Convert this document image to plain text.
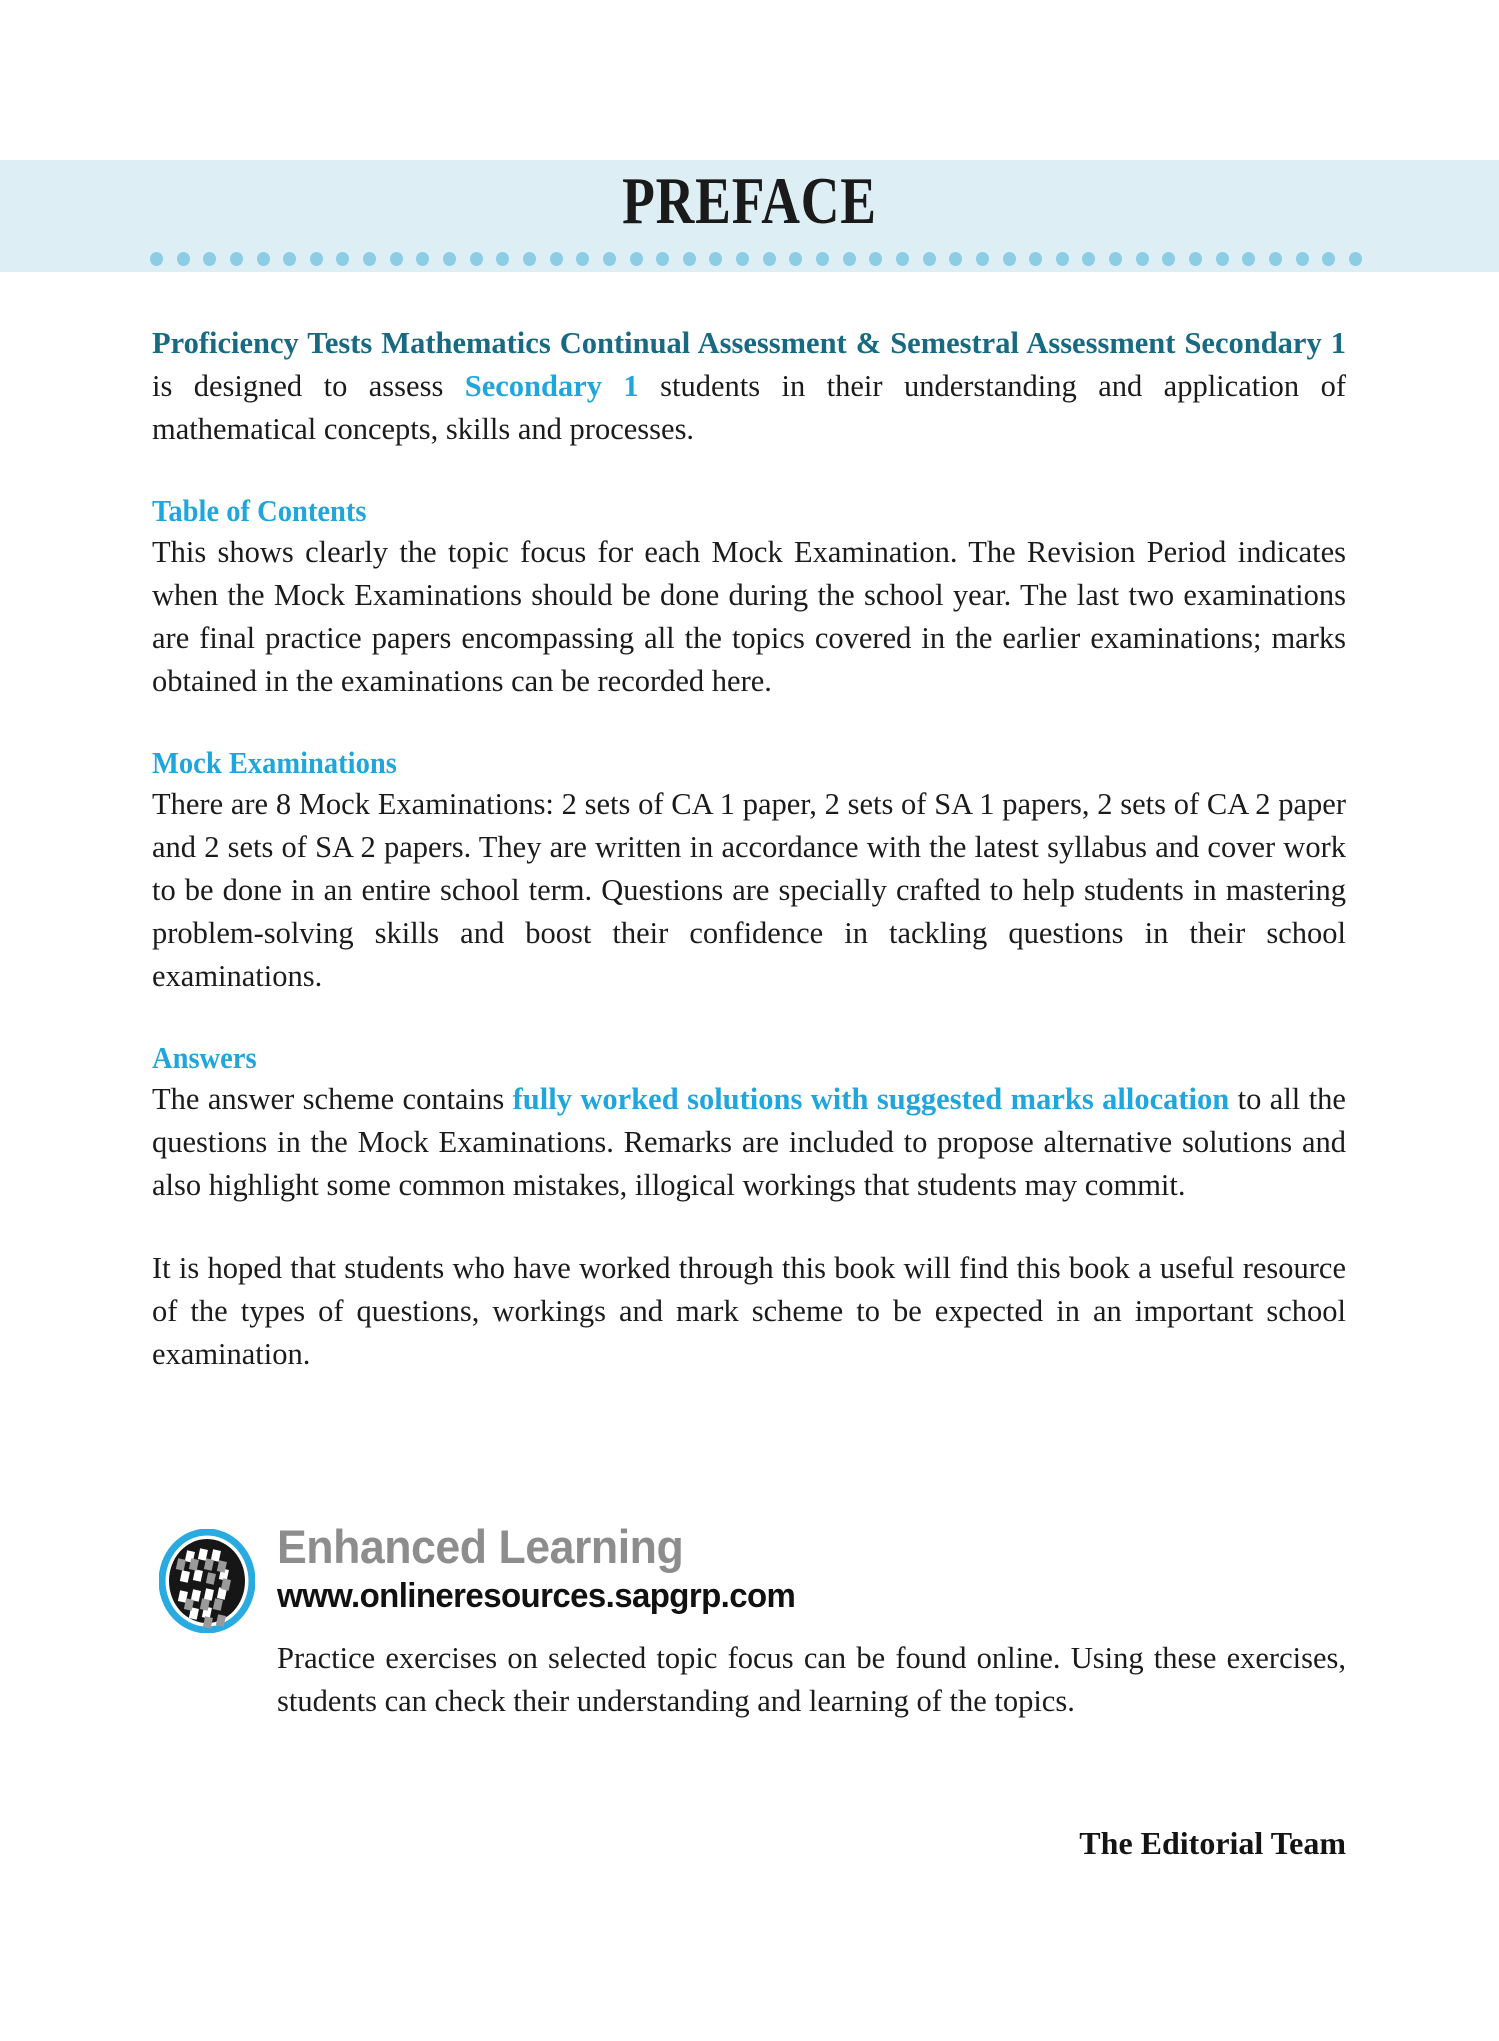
PREFACE

Proficiency Tests Mathematics Continual Assessment & Semestral Assessment Secondary 1 is designed to assess Secondary 1 students in their understanding and application of mathematical concepts, skills and processes.

Table of Contents

This shows clearly the topic focus for each Mock Examination. The Revision Period indicates when the Mock Examinations should be done during the school year. The last two examinations are final practice papers encompassing all the topics covered in the earlier examinations; marks obtained in the examinations can be recorded here.

Mock Examinations

There are 8 Mock Examinations: 2 sets of CA 1 paper, 2 sets of SA 1 papers, 2 sets of CA 2 paper and 2 sets of SA 2 papers. They are written in accordance with the latest syllabus and cover work to be done in an entire school term. Questions are specially crafted to help students in mastering problem-solving skills and boost their confidence in tackling questions in their school examinations.

Answers

The answer scheme contains fully worked solutions with suggested marks allocation to all the questions in the Mock Examinations. Remarks are included to propose alternative solutions and also highlight some common mistakes, illogical workings that students may commit.

It is hoped that students who have worked through this book will find this book a useful resource of the types of questions, workings and mark scheme to be expected in an important school examination.

Enhanced Learning
www.onlineresources.sapgrp.com

Practice exercises on selected topic focus can be found online. Using these exercises, students can check their understanding and learning of the topics.

The Editorial Team
